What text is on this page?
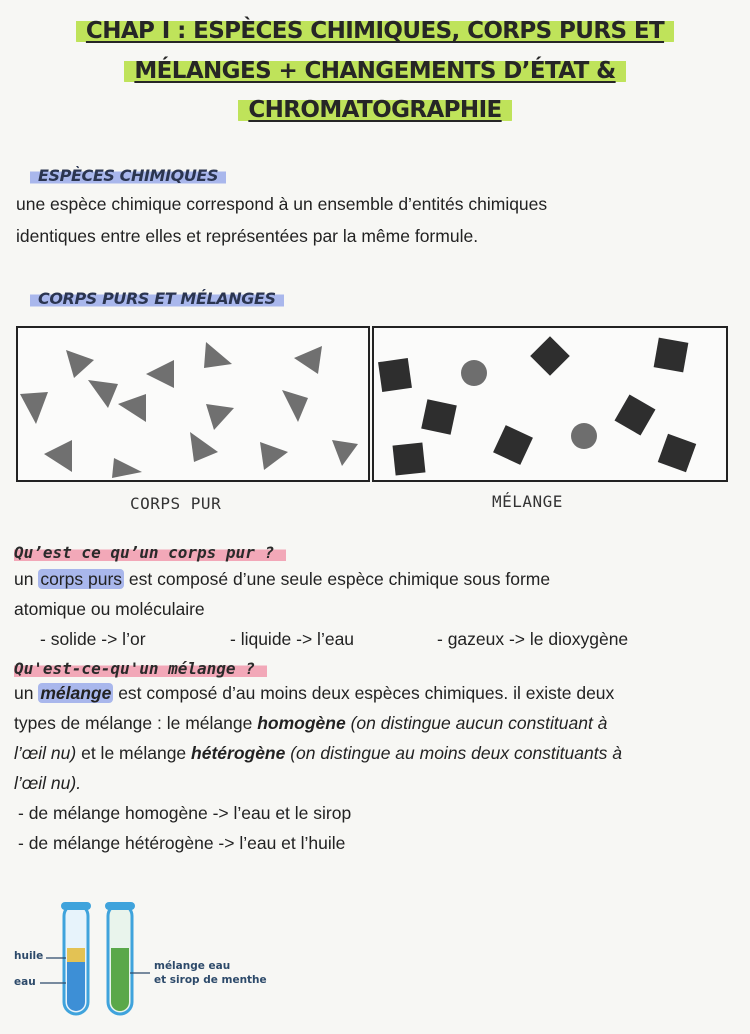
CHAP I : ESPÈCES CHIMIQUES, CORPS PURS ET
MÉLANGES + CHANGEMENTS D’ÉTAT &
CHROMATOGRAPHIE
ESPÈCES CHIMIQUES
une espèce chimique correspond à un ensemble d’entités chimiques
identiques entre elles et représentées par la même formule.
CORPS PURS ET MÉLANGES
CORPS PUR	MÉLANGE
Qu’est ce qu’un corps pur ?
un corps purs est composé d’une seule espèce chimique sous forme
atomique ou moléculaire
- solide -> l’or	- liquide -> l’eau	- gazeux -> le dioxygène
Qu'est-ce-qu'un mélange ?
un mélange est composé d’au moins deux espèces chimiques. il existe deux
types de mélange : le mélange homogène (on distingue aucun constituant à
l’œil nu) et le mélange hétérogène (on distingue au moins deux constituants à
l’œil nu).
- de mélange homogène -> l’eau et le sirop
- de mélange hétérogène -> l’eau et l’huile
huile
eau
mélange eau
et sirop de menthe
